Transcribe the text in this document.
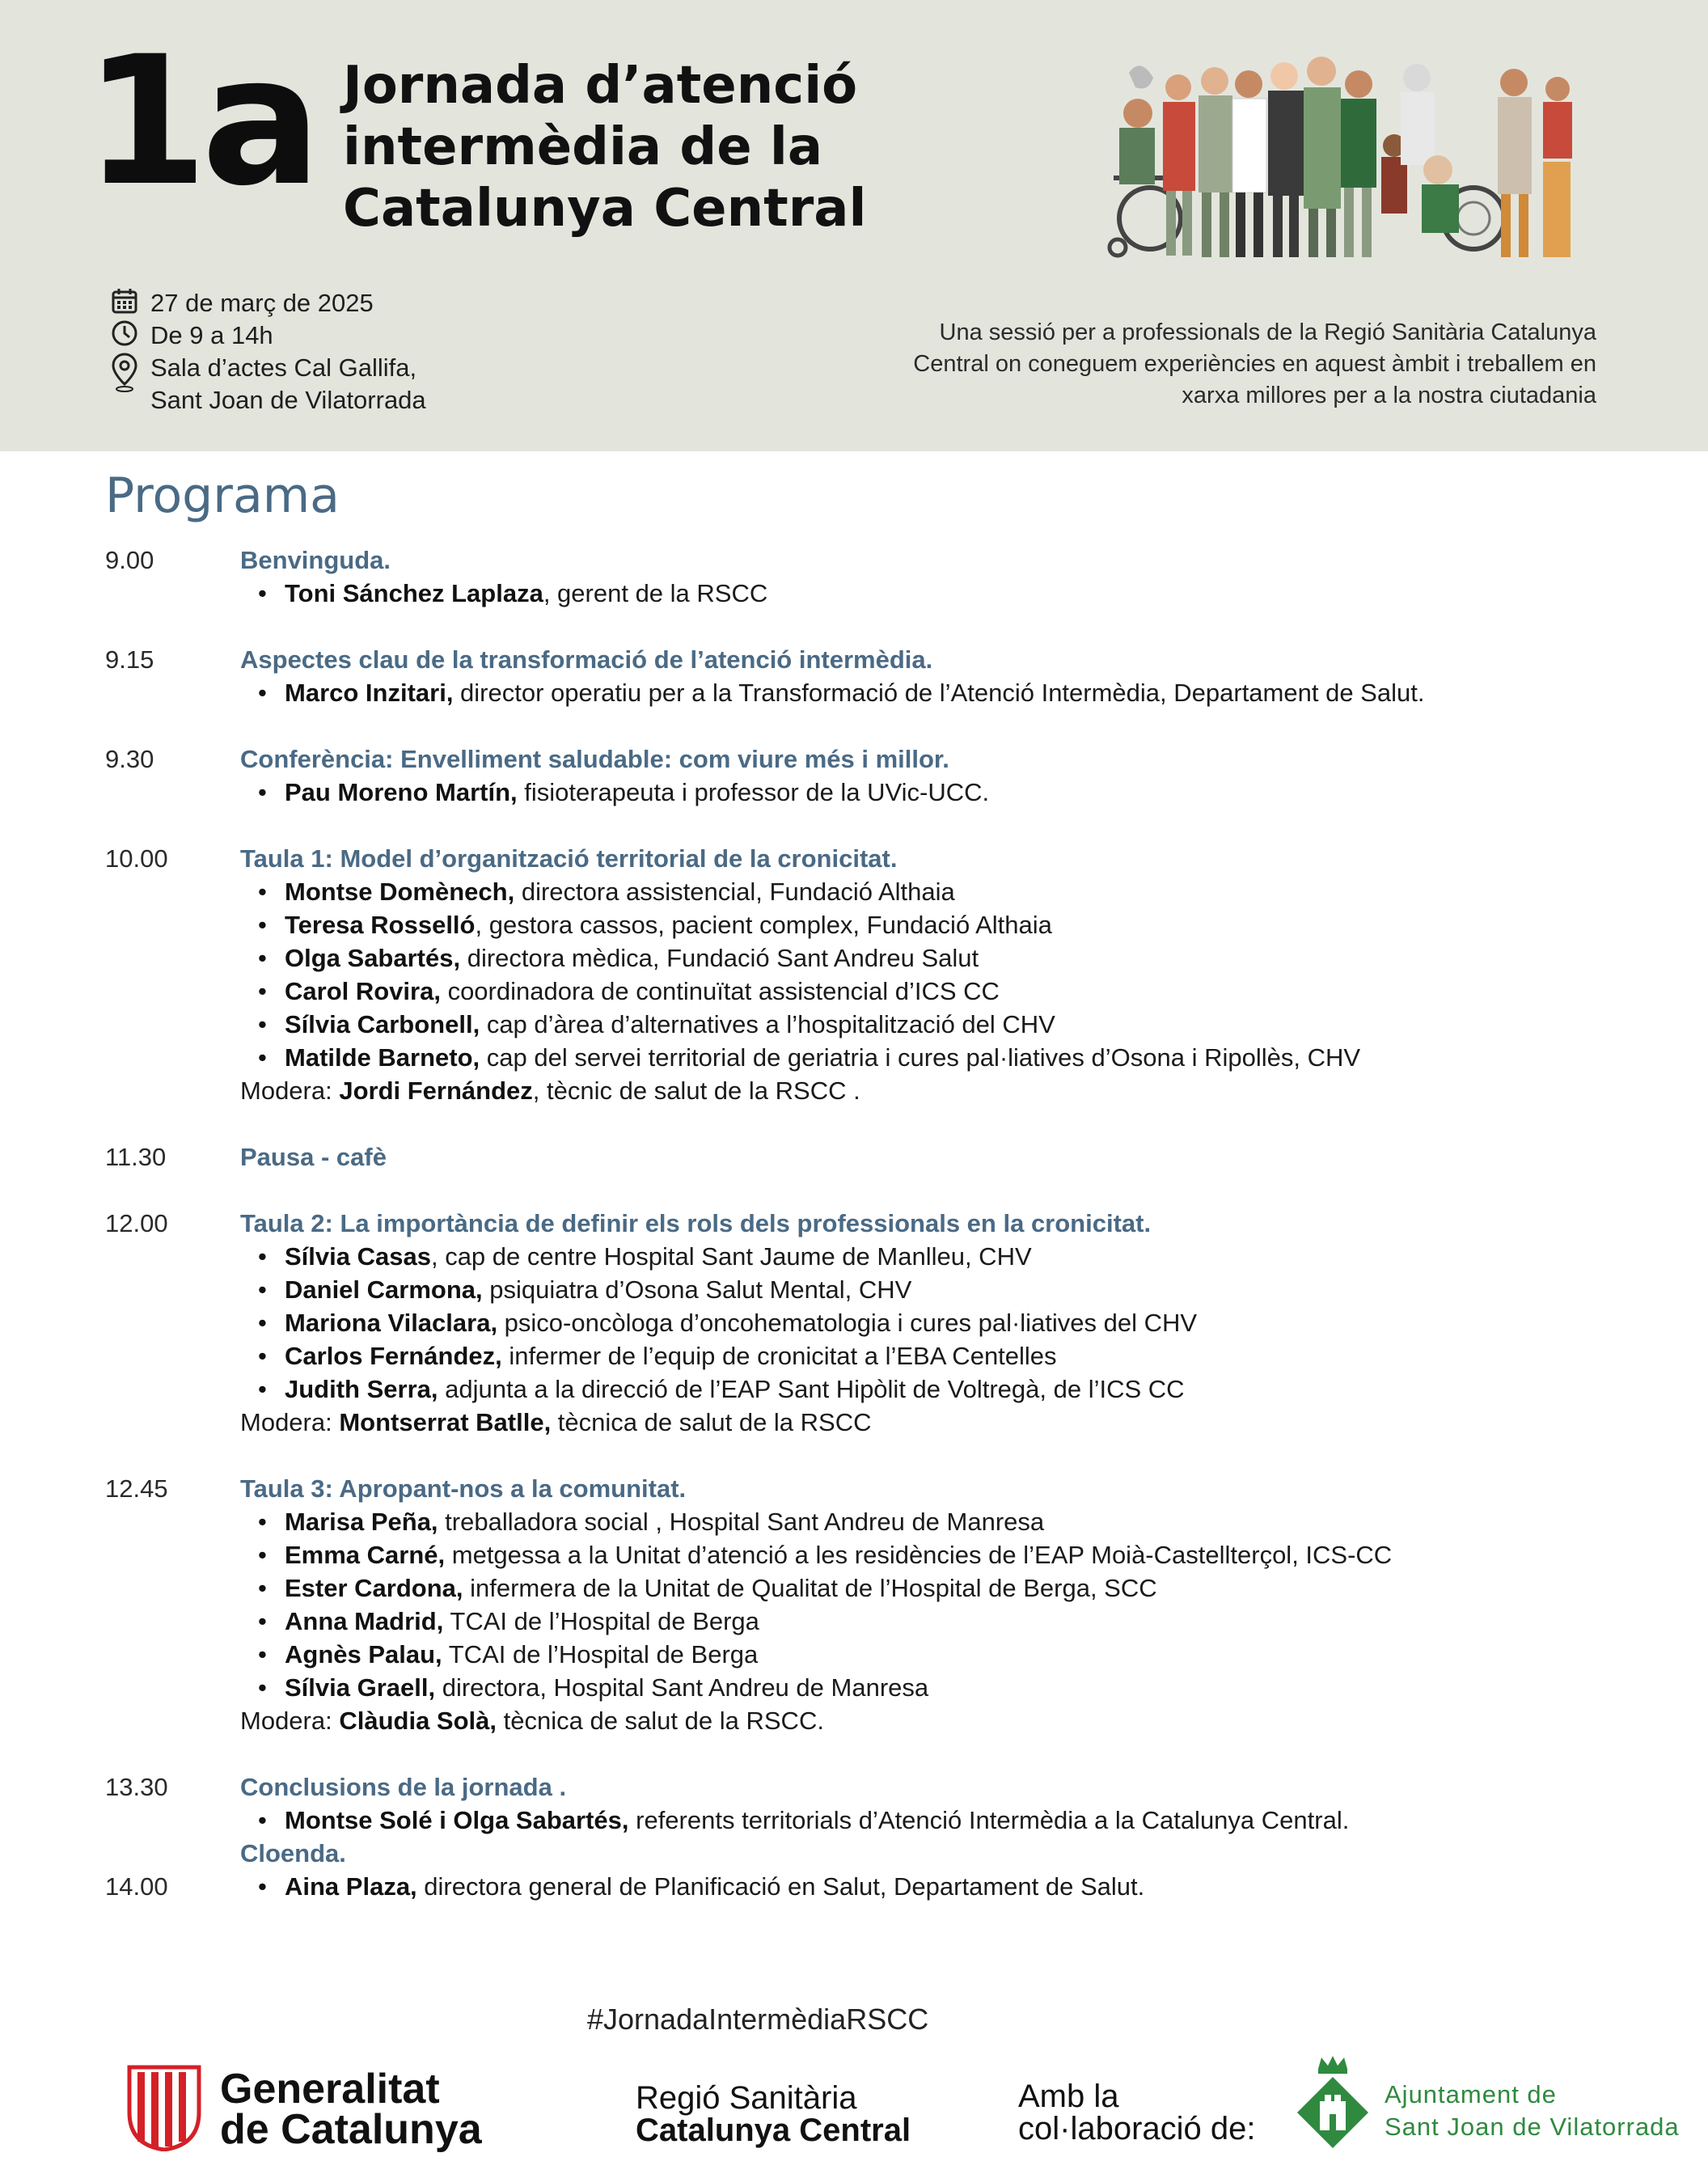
1a Jornada d’atenció
intermèdia de la
Catalunya Central
27 de març de 2025
De 9 a 14h
Sala d’actes Cal Gallifa,
Sant Joan de Vilatorrada
Una sessió per a professionals de la Regió Sanitària Catalunya
Central on coneguem experiències en aquest àmbit i treballem en
xarxa millores per a la nostra ciutadania
Programa
9.00	Benvinguda.
• Toni Sánchez Laplaza, gerent de la RSCC
9.15	Aspectes clau de la transformació de l’atenció intermèdia.
• Marco Inzitari, director operatiu per a la Transformació de l’Atenció Intermèdia, Departament de Salut.
9.30	Conferència: Envelliment saludable: com viure més i millor.
• Pau Moreno Martín, fisioterapeuta i professor de la UVic-UCC.
10.00	Taula 1: Model d’organització territorial de la cronicitat.
• Montse Domènech, directora assistencial, Fundació Althaia
• Teresa Rosselló, gestora cassos, pacient complex, Fundació Althaia
• Olga Sabartés, directora mèdica, Fundació Sant Andreu Salut
• Carol Rovira, coordinadora de continuïtat assistencial d’ICS CC
• Sílvia Carbonell, cap d’àrea d’alternatives a l’hospitalització del CHV
• Matilde Barneto, cap del servei territorial de geriatria i cures pal·liatives d’Osona i Ripollès, CHV
Modera: Jordi Fernández, tècnic de salut de la RSCC .
11.30	Pausa - cafè
12.00	Taula 2: La importància de definir els rols dels professionals en la cronicitat.
• Sílvia Casas, cap de centre Hospital Sant Jaume de Manlleu, CHV
• Daniel Carmona, psiquiatra d’Osona Salut Mental, CHV
• Mariona Vilaclara, psico-oncòloga d’oncohematologia i cures pal·liatives del CHV
• Carlos Fernández, infermer de l’equip de cronicitat a l’EBA Centelles
• Judith Serra, adjunta a la direcció de l’EAP Sant Hipòlit de Voltregà, de l’ICS CC
Modera: Montserrat Batlle, tècnica de salut de la RSCC
12.45	Taula 3: Apropant-nos a la comunitat.
• Marisa Peña, treballadora social , Hospital Sant Andreu de Manresa
• Emma Carné, metgessa a la Unitat d’atenció a les residències de l’EAP Moià-Castellterçol, ICS-CC
• Ester Cardona, infermera de la Unitat de Qualitat de l’Hospital de Berga, SCC
• Anna Madrid, TCAI de l’Hospital de Berga
• Agnès Palau, TCAI de l’Hospital de Berga
• Sílvia Graell, directora, Hospital Sant Andreu de Manresa
Modera: Clàudia Solà, tècnica de salut de la RSCC.
13.30	Conclusions de la jornada .
• Montse Solé i Olga Sabartés, referents territorials d’Atenció Intermèdia a la Catalunya Central.
Cloenda.
14.00
•	Aina Plaza, directora general de Planificació en Salut, Departament de Salut.
#JornadaIntermèdiaRSCC
Generalitat
de Catalunya
Regió Sanitària
Catalunya Central
Amb la
col·laboració de:
Ajuntament de
Sant Joan de Vilatorrada
